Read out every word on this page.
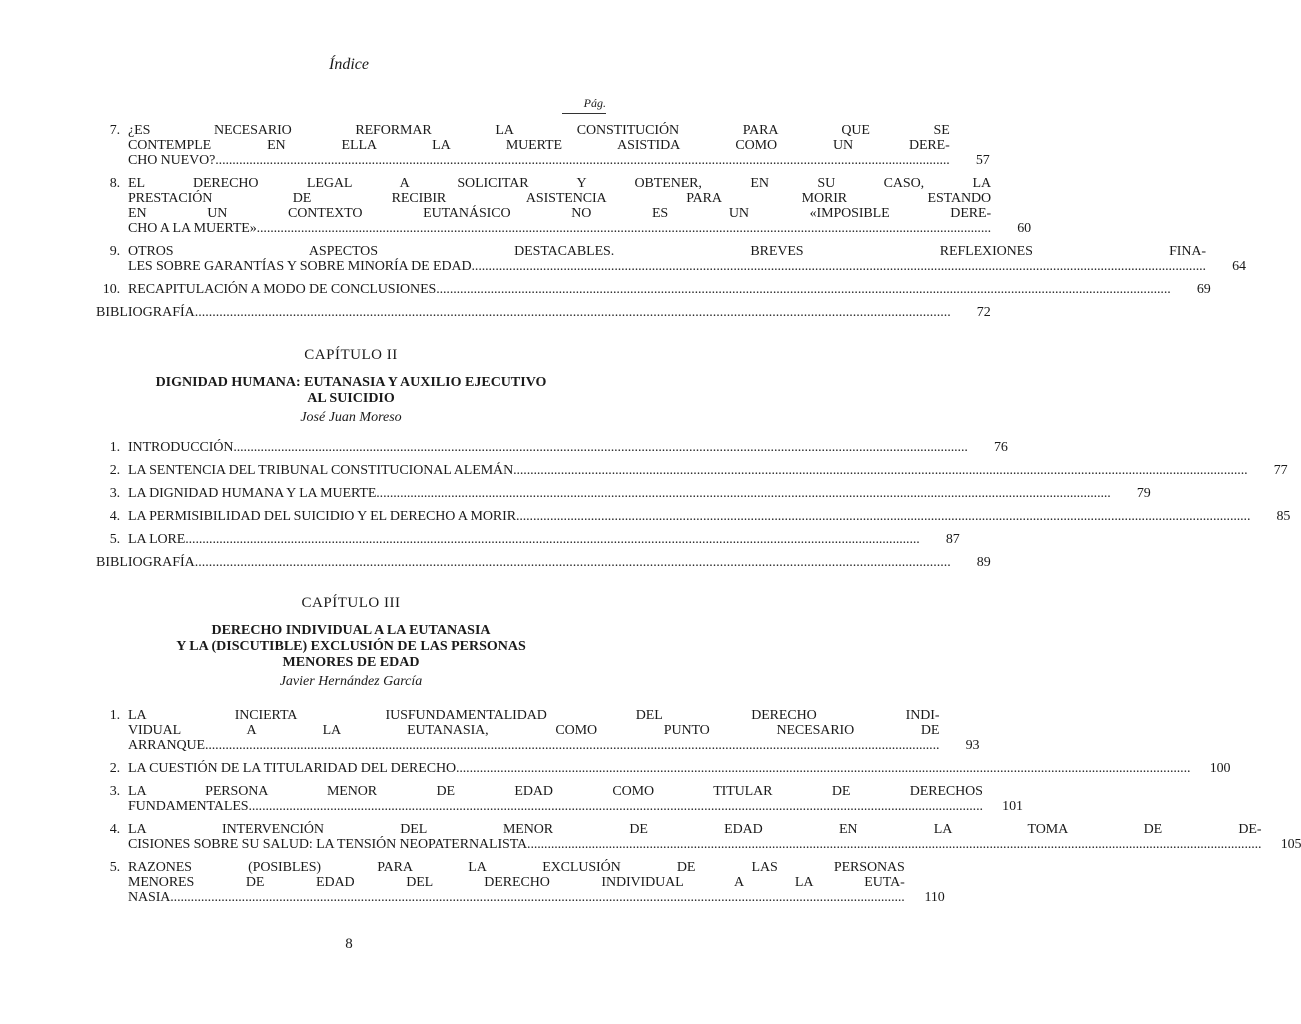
Índice
Pág.
7. ¿ES NECESARIO REFORMAR LA CONSTITUCIÓN PARA QUE SE
CONTEMPLE EN ELLA LA MUERTE ASISTIDA COMO UN DERE-
CHO NUEVO? .....	57
8. EL DERECHO LEGAL A SOLICITAR Y OBTENER, EN SU CASO, LA
PRESTACIÓN DE RECIBIR ASISTENCIA PARA MORIR ESTANDO
EN UN CONTEXTO EUTANÁSICO NO ES UN «IMPOSIBLE DERE-
CHO A LA MUERTE» .....	60
9. OTROS ASPECTOS DESTACABLES. BREVES REFLEXIONES FINA-
LES SOBRE GARANTÍAS Y SOBRE MINORÍA DE EDAD .....	64
10. RECAPITULACIÓN A MODO DE CONCLUSIONES .....	69
BIBLIOGRAFÍA .....	72
CAPÍTULO II
DIGNIDAD HUMANA: EUTANASIA Y AUXILIO EJECUTIVO
AL SUICIDIO
José Juan Moreso
1. INTRODUCCIÓN .....	76
2. LA SENTENCIA DEL TRIBUNAL CONSTITUCIONAL ALEMÁN .....	77
3. LA DIGNIDAD HUMANA Y LA MUERTE .....	79
4. LA PERMISIBILIDAD DEL SUICIDIO Y EL DERECHO A MORIR .....	85
5. LA LORE .....	87
BIBLIOGRAFÍA .....	89
CAPÍTULO III
DERECHO INDIVIDUAL A LA EUTANASIA
Y LA (DISCUTIBLE) EXCLUSIÓN DE LAS PERSONAS
MENORES DE EDAD
Javier Hernández García
1. LA INCIERTA IUSFUNDAMENTALIDAD DEL DERECHO INDI-
VIDUAL A LA EUTANASIA, COMO PUNTO NECESARIO DE
ARRANQUE .....	93
2. LA CUESTIÓN DE LA TITULARIDAD DEL DERECHO .....	100
3. LA PERSONA MENOR DE EDAD COMO TITULAR DE DERECHOS
FUNDAMENTALES .....	101
4. LA INTERVENCIÓN DEL MENOR DE EDAD EN LA TOMA DE DE-
CISIONES SOBRE SU SALUD: LA TENSIÓN NEOPATERNALISTA .....	105
5. RAZONES (POSIBLES) PARA LA EXCLUSIÓN DE LAS PERSONAS
MENORES DE EDAD DEL DERECHO INDIVIDUAL A LA EUTA-
NASIA .....	110
8
